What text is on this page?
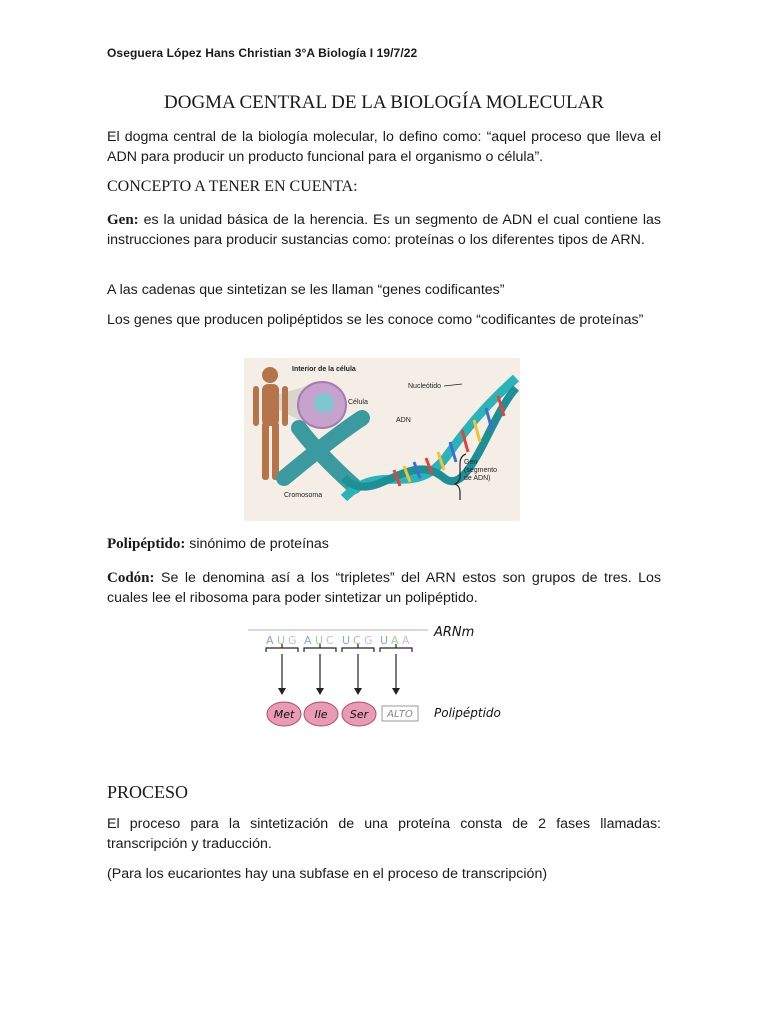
Oseguera López Hans Christian 3°A Biología I 19/7/22
DOGMA CENTRAL DE LA BIOLOGÍA MOLECULAR
El dogma central de la biología molecular, lo defino como: “aquel proceso que lleva el ADN para producir un producto funcional para el organismo o célula”.
CONCEPTO A TENER EN CUENTA:
Gen: es la unidad básica de la herencia. Es un segmento de ADN el cual contiene las instrucciones para producir sustancias como: proteínas o los diferentes tipos de ARN.
A las cadenas que sintetizan se les llaman “genes codificantes”
Los genes que producen polipéptidos se les conoce como “codificantes de proteínas”
Interior de la célula
Célula
Nucleótido
ADN
Gen
(segmento
de ADN)
Cromosoma
Polipéptido: sinónimo de proteínas
Codón: Se le denomina así a los “tripletes” del ARN estos son grupos de tres. Los cuales lee el ribosoma para poder sintetizar un polipéptido.
A U G A U C U C G U A A
Met Ile Ser ALTO
ARNm
Polipéptido
PROCESO
El proceso para la sintetización de una proteína consta de 2 fases llamadas: transcripción y traducción.
(Para los eucariontes hay una subfase en el proceso de transcripción)
